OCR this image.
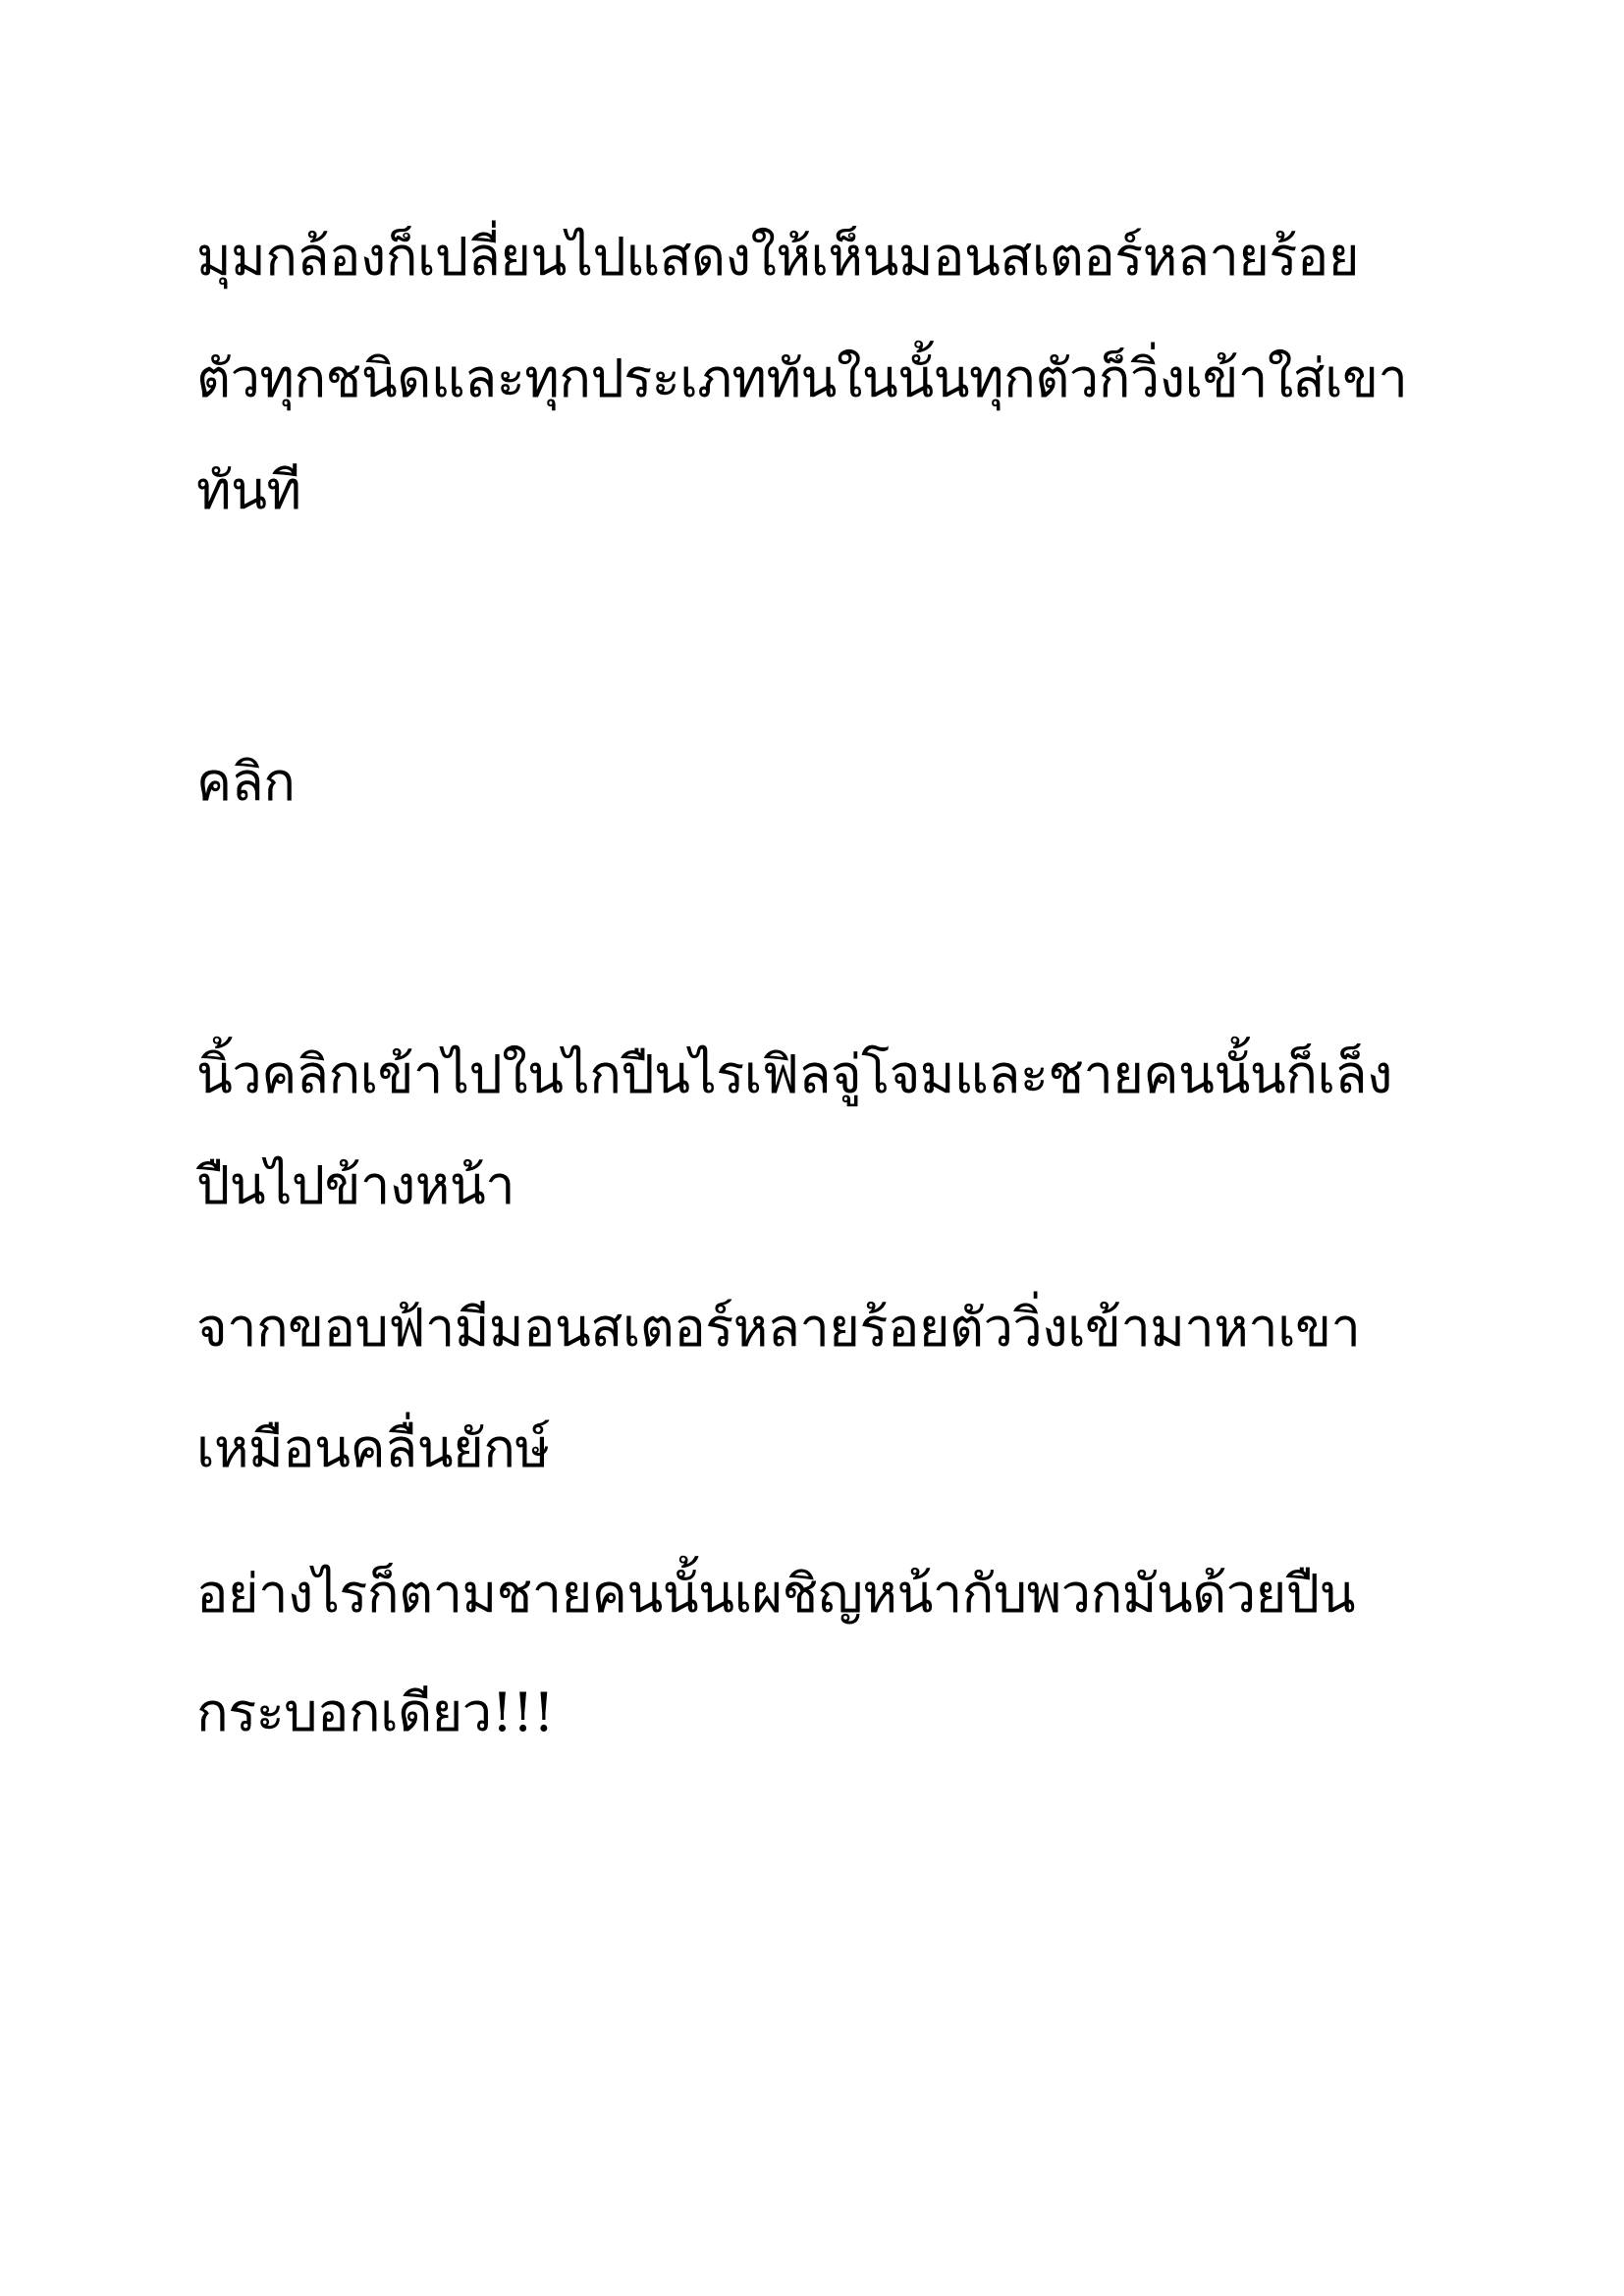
มุมกล้องก็เปลี่ยนไปแสดงให้เห็นมอนสเตอร์หลายร้อย
ตัวทุกชนิดและทุกประเภททันในนั้นทุกตัวก็วิ่งเข้าใส่เขา
ทันที
คลิก
นิ้วคลิกเข้าไปในไกปืนไรเฟิลจู่โจมและชายคนนั้นก็เล็ง
ปืนไปข้างหน้า
จากขอบฟ้ามีมอนสเตอร์หลายร้อยตัววิ่งเข้ามาหาเขา
เหมือนคลื่นยักษ์
อย่างไรก็ตามชายคนนั้นเผชิญหน้ากับพวกมันด้วยปืน
กระบอกเดียว!!!
